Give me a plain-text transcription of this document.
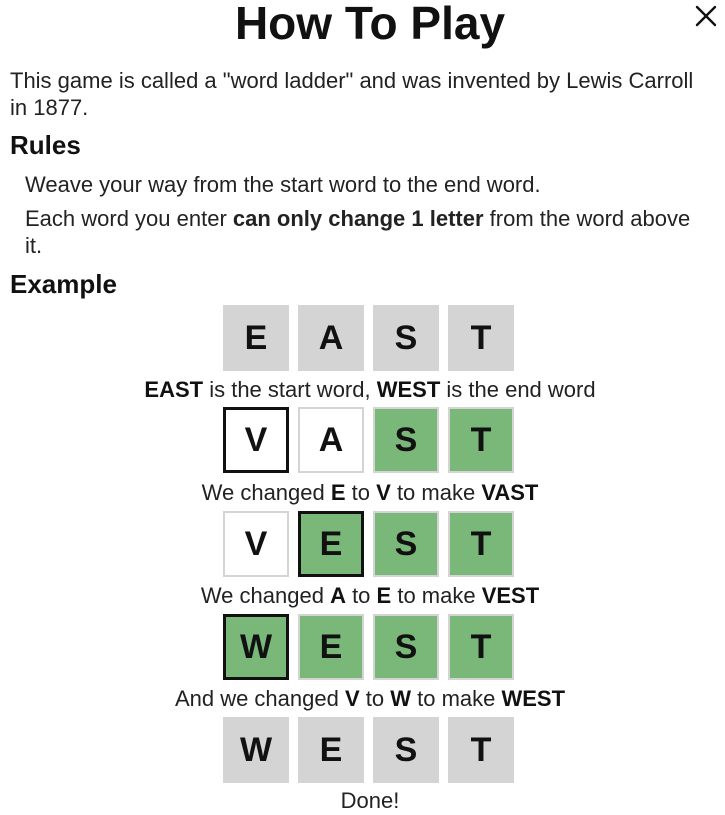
How To Play

This game is called a "word ladder" and was invented by Lewis Carroll in 1877.

Rules

Weave your way from the start word to the end word.

Each word you enter can only change 1 letter from the word above it.

Example
E	A	S	T
EAST is the start word, WEST is the end word
V	A	S	T
We changed E to V to make VAST
V	E	S	T
We changed A to E to make VEST
W	E	S	T
And we changed V to W to make WEST
W	E	S	T
Done!
